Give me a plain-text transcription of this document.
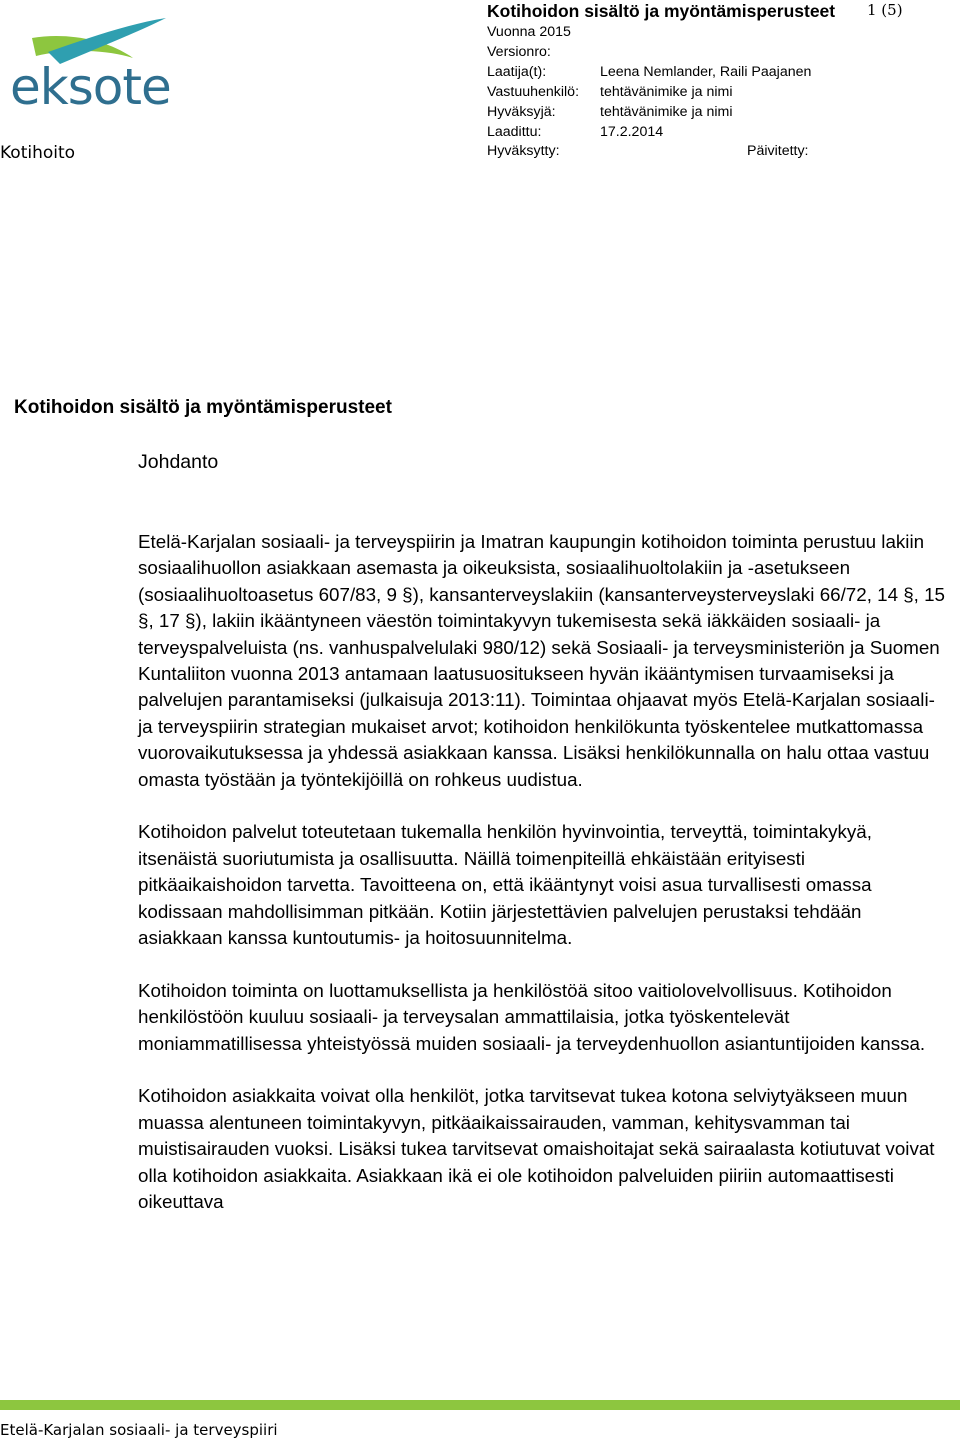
eksote
Kotihoito
Kotihoidon sisältö ja myöntämisperusteet 1 (5)
Vuonna 2015
Versionro:
Laatija(t):	Leena Nemlander, Raili Paajanen
Vastuuhenkilö: tehtävänimike ja nimi
Hyväksyjä:	tehtävänimike ja nimi
Laadittu:	17.2.2014
Hyväksytty:	Päivitetty:
Kotihoidon sisältö ja myöntämisperusteet
Johdanto

Etelä-Karjalan sosiaali- ja terveyspiirin ja Imatran kaupungin kotihoidon toiminta perustuu lakiin sosiaalihuollon asiakkaan asemasta ja oikeuksista, sosiaalihuoltolakiin ja -asetukseen (sosiaalihuoltoasetus 607/83, 9 §), kansanterveyslakiin (kansanterveysterveyslaki 66/72, 14 §, 15 §, 17 §), lakiin ikääntyneen väestön toimintakyvyn tukemisesta sekä iäkkäiden sosiaali- ja terveyspalveluista (ns. vanhuspalvelulaki 980/12) sekä Sosiaali- ja terveysministeriön ja Suomen Kuntaliiton vuonna 2013 antamaan laatusuositukseen hyvän ikääntymisen turvaamiseksi ja palvelujen parantamiseksi (julkaisuja 2013:11). Toimintaa ohjaavat myös Etelä-Karjalan sosiaali- ja terveyspiirin strategian mukaiset arvot; kotihoidon henkilökunta työskentelee mutkattomassa vuorovaikutuksessa ja yhdessä asiakkaan kanssa. Lisäksi henkilökunnalla on halu ottaa vastuu omasta työstään ja työntekijöillä on rohkeus uudistua.

Kotihoidon palvelut toteutetaan tukemalla henkilön hyvinvointia, terveyttä, toimintakykyä, itsenäistä suoriutumista ja osallisuutta. Näillä toimenpiteillä ehkäistään erityisesti pitkäaikaishoidon tarvetta. Tavoitteena on, että ikääntynyt voisi asua turvallisesti omassa kodissaan mahdollisimman pitkään. Kotiin järjestettävien palvelujen perustaksi tehdään asiakkaan kanssa kuntoutumis- ja hoitosuunnitelma.

Kotihoidon toiminta on luottamuksellista ja henkilöstöä sitoo vaitiolovelvollisuus. Kotihoidon henkilöstöön kuuluu sosiaali- ja terveysalan ammattilaisia, jotka työskentelevät moniammatillisessa yhteistyössä muiden sosiaali- ja terveydenhuollon asiantuntijoiden kanssa.

Kotihoidon asiakkaita voivat olla henkilöt, jotka tarvitsevat tukea kotona selviytyäkseen muun muassa alentuneen toimintakyvyn, pitkäaikaissairauden, vamman, kehitysvamman tai muistisairauden vuoksi. Lisäksi tukea tarvitsevat omaishoitajat sekä sairaalasta kotiutuvat voivat olla kotihoidon asiakkaita. Asiakkaan ikä ei ole kotihoidon palveluiden piiriin automaattisesti oikeuttava

Etelä-Karjalan sosiaali- ja terveyspiiri
